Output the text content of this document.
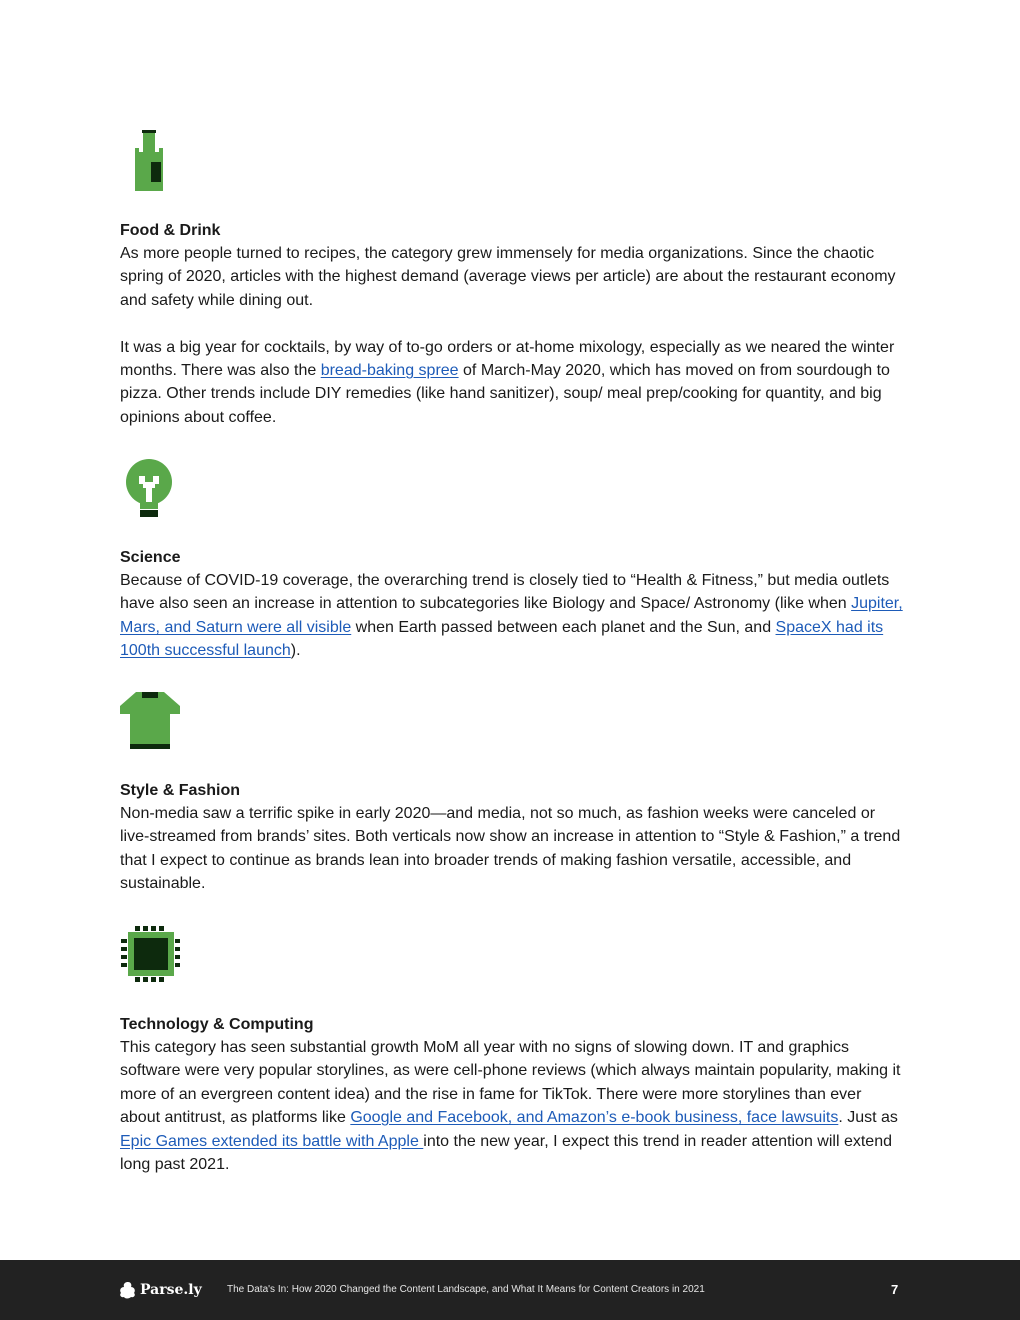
Food & Drink

As more people turned to recipes, the category grew immensely for media organizations. Since the chaotic spring of 2020, articles with the highest demand (average views per article) are about the restaurant economy and safety while dining out.

It was a big year for cocktails, by way of to-go orders or at-home mixology, especially as we neared the winter months. There was also the bread-baking spree of March-May 2020, which has moved on from sourdough to pizza. Other trends include DIY remedies (like hand sanitizer), soup/ meal prep/cooking for quantity, and big opinions about coffee.

Science

Because of COVID-19 coverage, the overarching trend is closely tied to “Health & Fitness,” but media outlets have also seen an increase in attention to subcategories like Biology and Space/ Astronomy (like when Jupiter, Mars, and Saturn were all visible when Earth passed between each planet and the Sun, and SpaceX had its 100th successful launch).

Style & Fashion

Non-media saw a terrific spike in early 2020—and media, not so much, as fashion weeks were canceled or live-streamed from brands’ sites. Both verticals now show an increase in attention to “Style & Fashion,” a trend that I expect to continue as brands lean into broader trends of making fashion versatile, accessible, and sustainable.

Technology & Computing

This category has seen substantial growth MoM all year with no signs of slowing down. IT and graphics software were very popular storylines, as were cell-phone reviews (which always maintain popularity, making it more of an evergreen content idea) and the rise in fame for TikTok. There were more storylines than ever about antitrust, as platforms like Google and Facebook, and Amazon’s e-book business, face lawsuits. Just as Epic Games extended its battle with Apple into the new year, I expect this trend in reader attention will extend long past 2021.

Parse.ly	The Data's In: How 2020 Changed the Content Landscape, and What It Means for Content Creators in 2021	7
